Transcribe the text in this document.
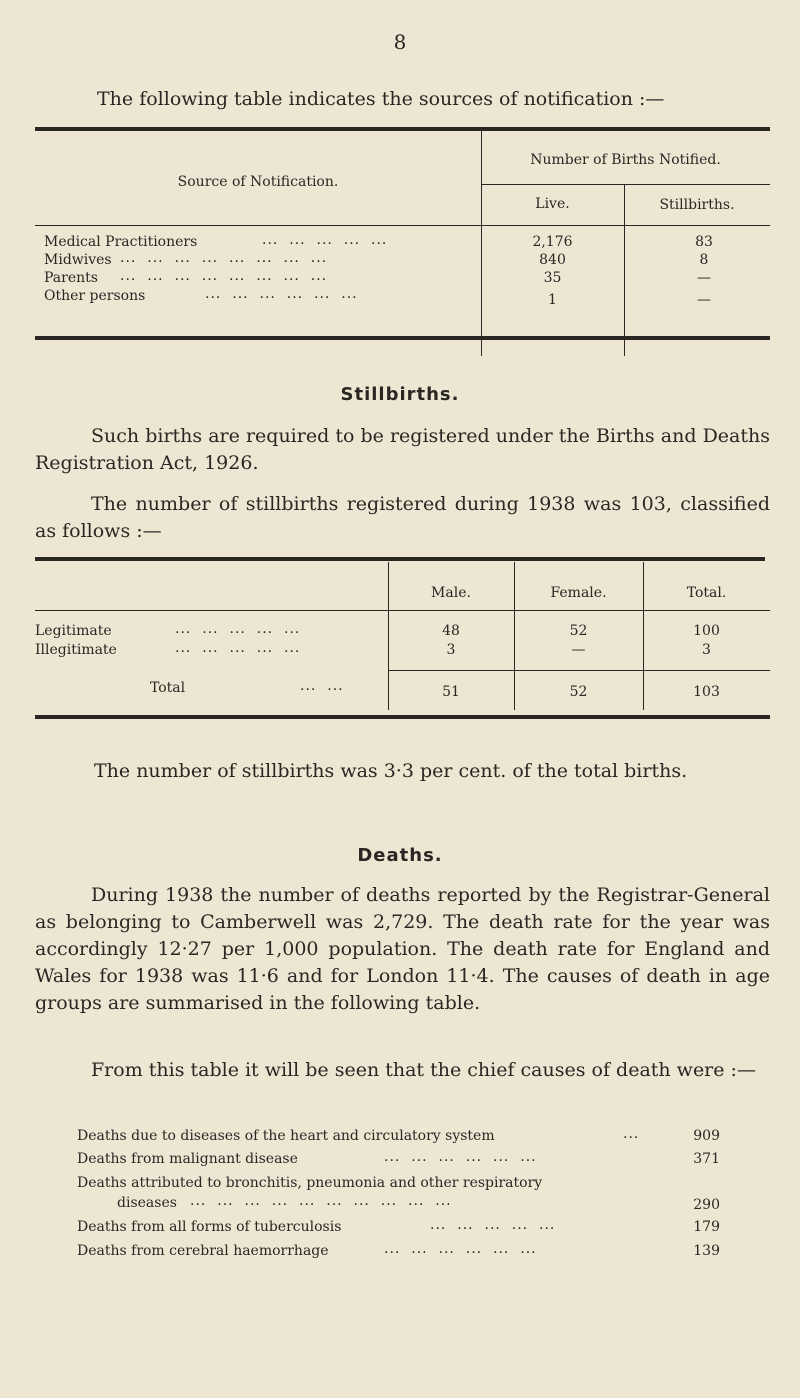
8
The following table indicates the sources of notification :—
Source of Notification.
Number of Births Notified.
Live.	Stillbirths.
Medical Practitioners	...  ...  ...  ...  ...	2,176	83
Midwives ...  ...  ...  ...  ...  ...  ...  ...	840	8
Parents ...  ...  ...  ...  ...  ...  ...  ...	35	—
Other persons	...  ...  ...  ...  ...  ...	1	—
Stillbirths.
Such births are required to be registered under the Births and Deaths Registration Act, 1926.
The number of stillbirths registered during 1938 was 103, classified as follows :—
Male.	Female.	Total.
Legitimate	...  ...  ...  ...  ...	48	52	100
Illegitimate	...  ...  ...  ...  ...	3	—	3
Total	...  ...	51	52	103
The number of stillbirths was 3·3 per cent. of the total births.
Deaths.
During 1938 the number of deaths reported by the Registrar-General as belonging to Camberwell was 2,729. The death rate for the year was accordingly 12·27 per 1,000 population. The death rate for England and Wales for 1938 was 11·6 and for London 11·4. The causes of death in age groups are summarised in the following table.
From this table it will be seen that the chief causes of death were :—
Deaths due to diseases of the heart and circulatory system	...	909
Deaths from malignant disease	...  ...  ...  ...  ...  ...	371
Deaths attributed to bronchitis, pneumonia and other respiratory
diseases ...  ...  ...  ...  ...  ...  ...  ...  ...  ...	290
Deaths from all forms of tuberculosis	...  ...  ...  ...  ...	179
Deaths from cerebral haemorrhage	...  ...  ...  ...  ...  ...	139
